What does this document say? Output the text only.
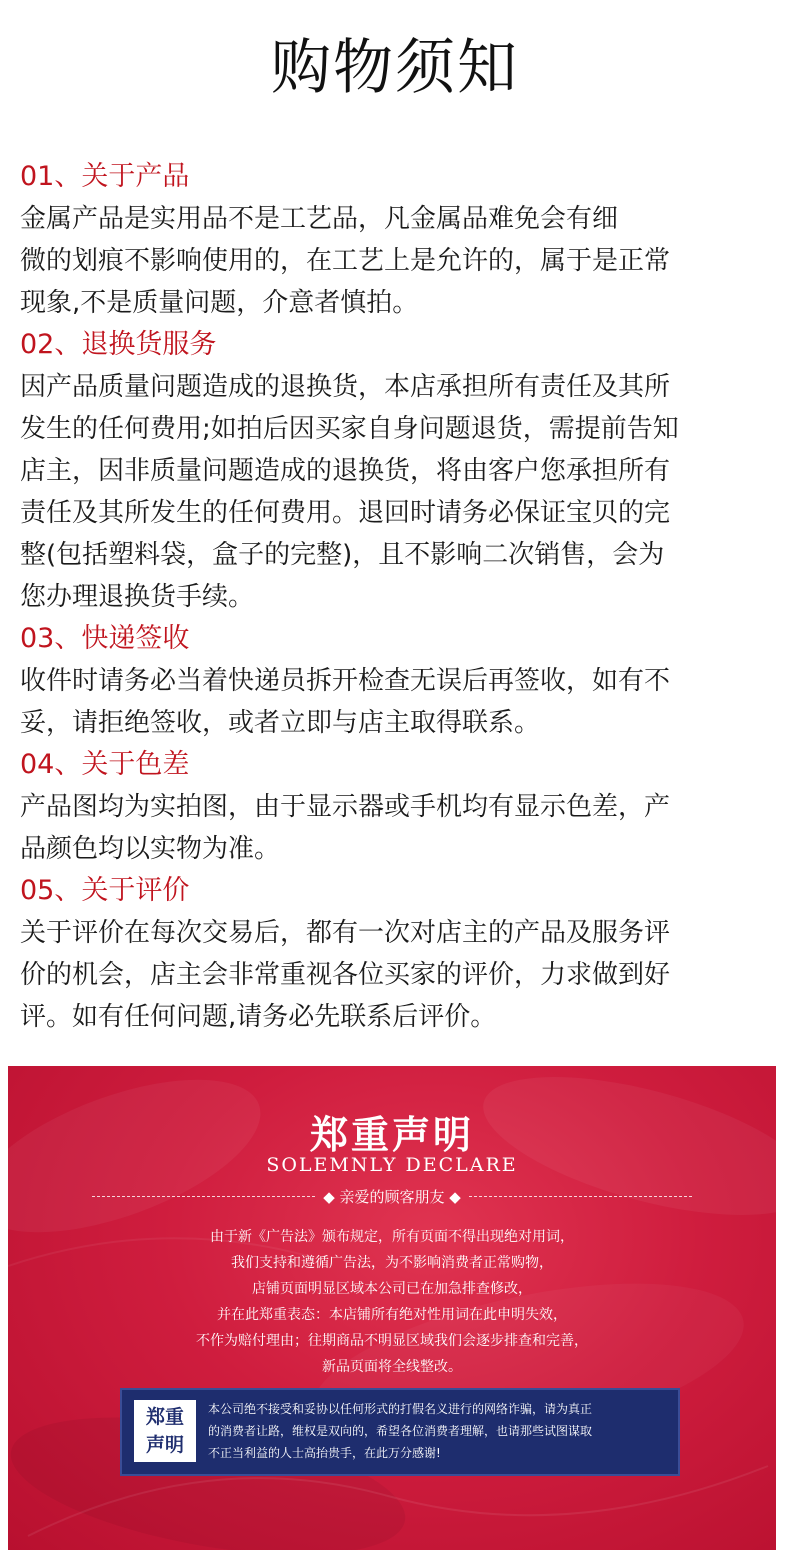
购物须知
01、关于产品

金属产品是实用品不是工艺品，凡金属品难免会有细
微的划痕不影响使用的，在工艺上是允许的，属于是正常
现象,不是质量问题，介意者慎拍。

02、退换货服务

因产品质量问题造成的退换货，本店承担所有责任及其所
发生的任何费用;如拍后因买家自身问题退货，需提前告知
店主，因非质量问题造成的退换货，将由客户您承担所有
责任及其所发生的任何费用。退回时请务必保证宝贝的完
整(包括塑料袋，盒子的完整)，且不影响二次销售，会为
您办理退换货手续。

03、快递签收

收件时请务必当着快递员拆开检查无误后再签收，如有不
妥，请拒绝签收，或者立即与店主取得联系。

04、关于色差

产品图均为实拍图，由于显示器或手机均有显示色差，产
品颜色均以实物为准。

05、关于评价

关于评价在每次交易后，都有一次对店主的产品及服务评
价的机会，店主会非常重视各位买家的评价，力求做到好
评。如有任何问题,请务必先联系后评价。

郑重声明
SOLEMNLY DECLARE
◆ 亲爱的顾客朋友 ◆
由于新《广告法》颁布规定，所有页面不得出现绝对用词，
我们支持和遵循广告法，为不影响消费者正常购物，
店铺页面明显区域本公司已在加急排查修改，
并在此郑重表态：本店铺所有绝对性用词在此申明失效，
不作为赔付理由；往期商品不明显区域我们会逐步排查和完善，
新品页面将全线整改。
郑重
声明
本公司绝不接受和妥协以任何形式的打假名义进行的网络诈骗，请为真正
的消费者让路，维权是双向的，希望各位消费者理解，也请那些试图谋取
不正当利益的人士高抬贵手，在此万分感谢!
